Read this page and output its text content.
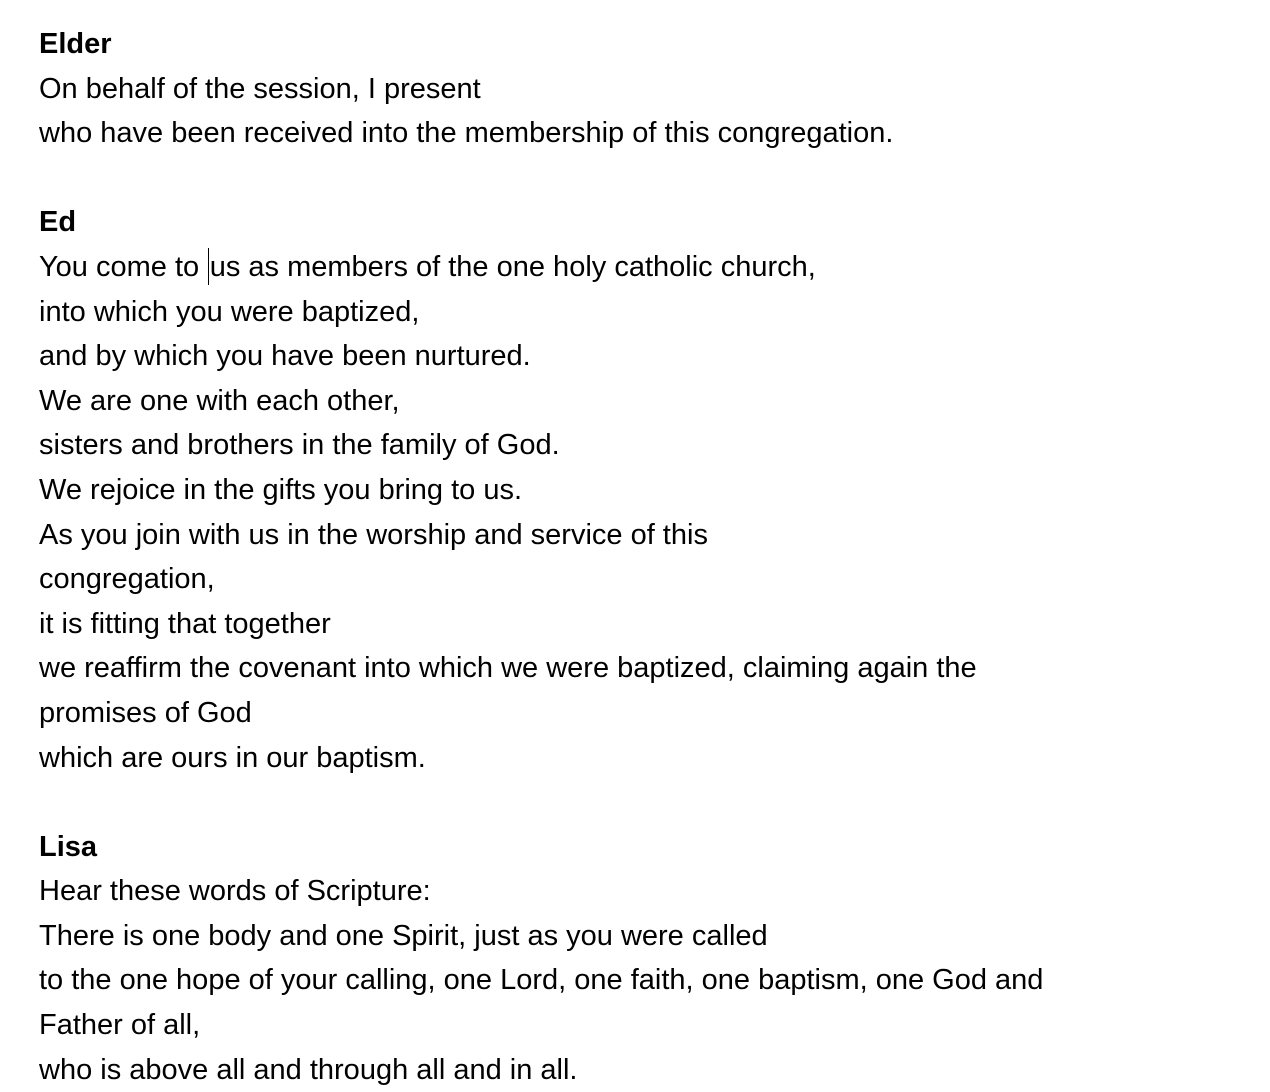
Elder
On behalf of the session, I present
who have been received into the membership of this congregation.
Ed
You come to us as members of the one holy catholic church,
into which you were baptized,
and by which you have been nurtured.
We are one with each other,
sisters and brothers in the family of God.
We rejoice in the gifts you bring to us.
As you join with us in the worship and service of this
congregation,
it is fitting that together
we reaffirm the covenant into which we were baptized, claiming again the
promises of God
which are ours in our baptism.
Lisa
Hear these words of Scripture:
There is one body and one Spirit, just as you were called
to the one hope of your calling, one Lord, one faith, one baptism, one God and
Father of all,
who is above all and through all and in all.
